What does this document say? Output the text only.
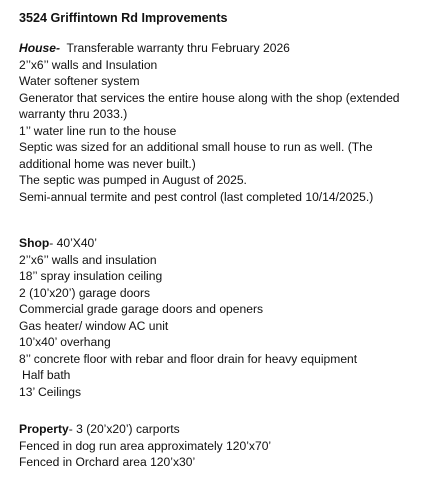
3524 Griffintown Rd Improvements
House-  Transferable warranty thru February 2026
2’’x6’’ walls and Insulation
Water softener system
Generator that services the entire house along with the shop (extended
warranty thru 2033.)
1’’ water line run to the house
Septic was sized for an additional small house to run as well. (The
additional home was never built.)
The septic was pumped in August of 2025.
Semi-annual termite and pest control (last completed 10/14/2025.)
Shop- 40’X40’
2’’x6’’ walls and insulation
18’’ spray insulation ceiling
2 (10’x20’) garage doors
Commercial grade garage doors and openers
Gas heater/ window AC unit
10’x40’ overhang
8’’ concrete floor with rebar and floor drain for heavy equipment
Half bath
13’ Ceilings
Property- 3 (20’x20’) carports
Fenced in dog run area approximately 120’x70’
Fenced in Orchard area 120’x30’
